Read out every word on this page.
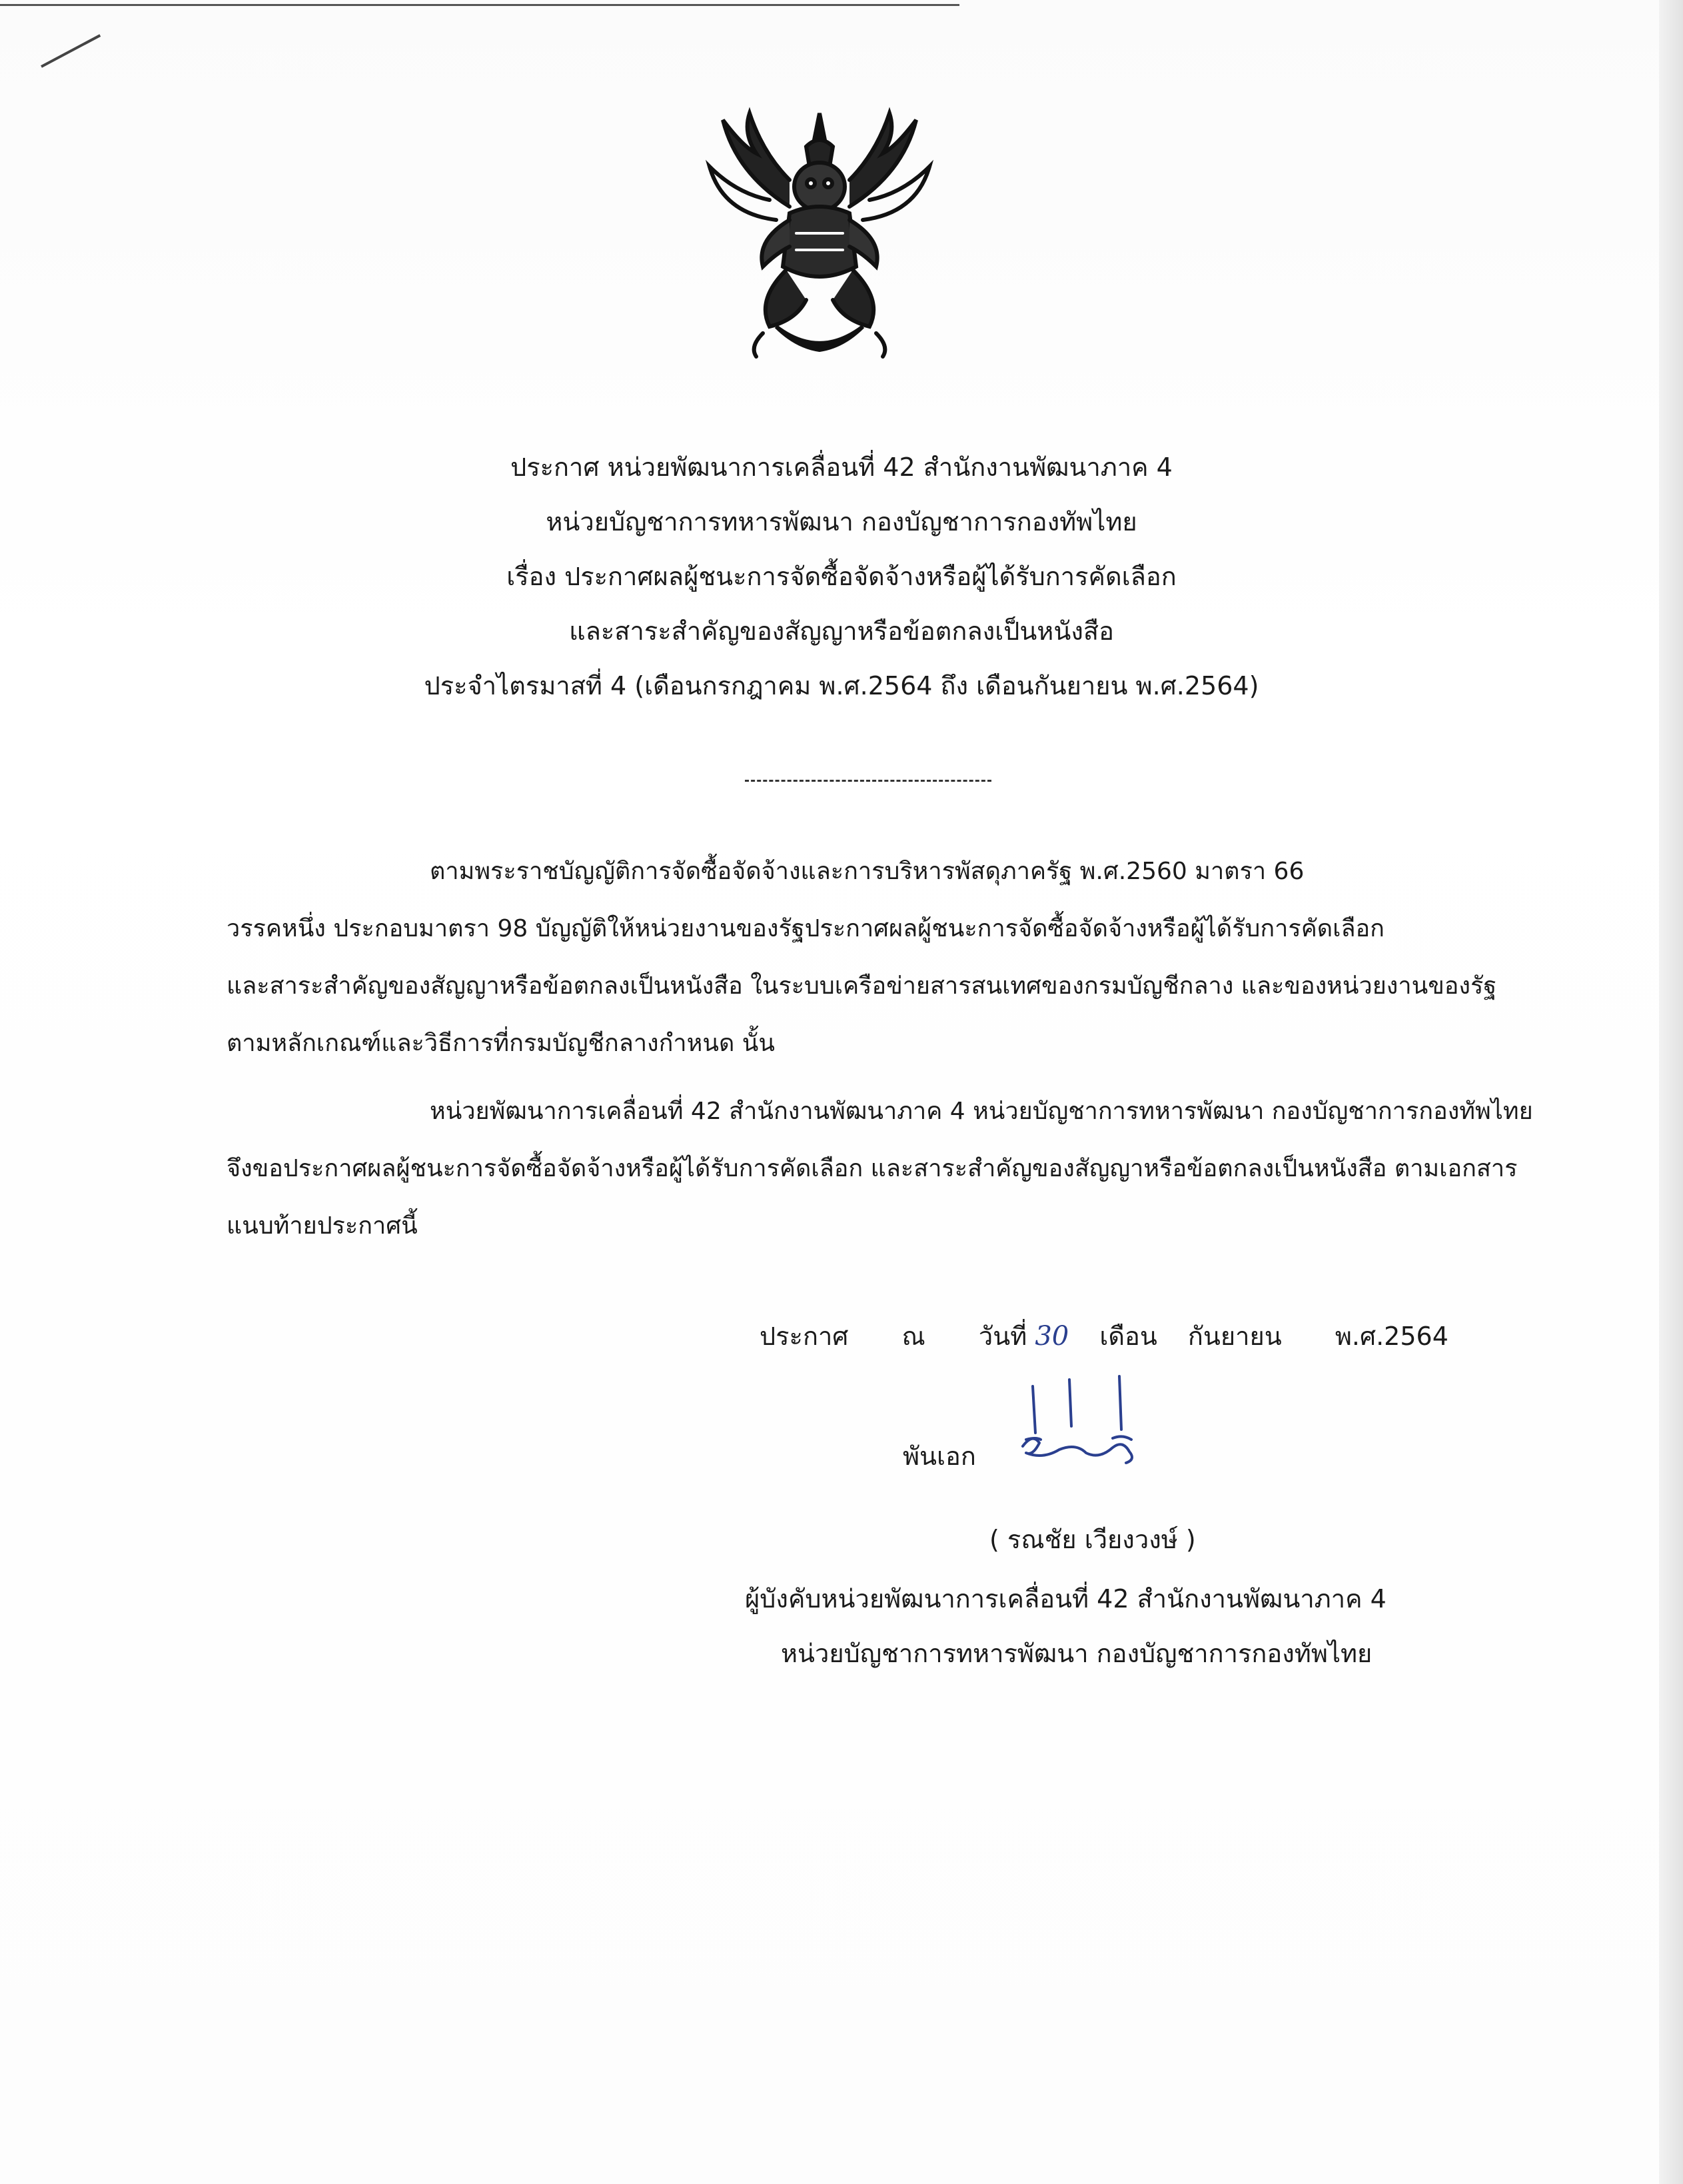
ประกาศ หน่วยพัฒนาการเคลื่อนที่ 42 สำนักงานพัฒนาภาค 4
หน่วยบัญชาการทหารพัฒนา กองบัญชาการกองทัพไทย
เรื่อง ประกาศผลผู้ชนะการจัดซื้อจัดจ้างหรือผู้ได้รับการคัดเลือก
และสาระสำคัญของสัญญาหรือข้อตกลงเป็นหนังสือ
ประจำไตรมาสที่ 4 (เดือนกรกฎาคม พ.ศ.2564 ถึง เดือนกันยายน พ.ศ.2564)
ตามพระราชบัญญัติการจัดซื้อจัดจ้างและการบริหารพัสดุภาครัฐ พ.ศ.2560 มาตรา 66
วรรคหนึ่ง ประกอบมาตรา 98 บัญญัติให้หน่วยงานของรัฐประกาศผลผู้ชนะการจัดซื้อจัดจ้างหรือผู้ได้รับการคัดเลือก
และสาระสำคัญของสัญญาหรือข้อตกลงเป็นหนังสือ ในระบบเครือข่ายสารสนเทศของกรมบัญชีกลาง และของหน่วยงานของรัฐ
ตามหลักเกณฑ์และวิธีการที่กรมบัญชีกลางกำหนด นั้น
หน่วยพัฒนาการเคลื่อนที่ 42 สำนักงานพัฒนาภาค 4 หน่วยบัญชาการทหารพัฒนา กองบัญชาการกองทัพไทย
จึงขอประกาศผลผู้ชนะการจัดซื้อจัดจ้างหรือผู้ได้รับการคัดเลือก และสาระสำคัญของสัญญาหรือข้อตกลงเป็นหนังสือ ตามเอกสาร
แนบท้ายประกาศนี้
ประกาศ ณ วันที่ 30 เดือน กันยายน พ.ศ.2564
พันเอก
( รณชัย เวียงวงษ์ )
ผู้บังคับหน่วยพัฒนาการเคลื่อนที่ 42 สำนักงานพัฒนาภาค 4
หน่วยบัญชาการทหารพัฒนา กองบัญชาการกองทัพไทย
